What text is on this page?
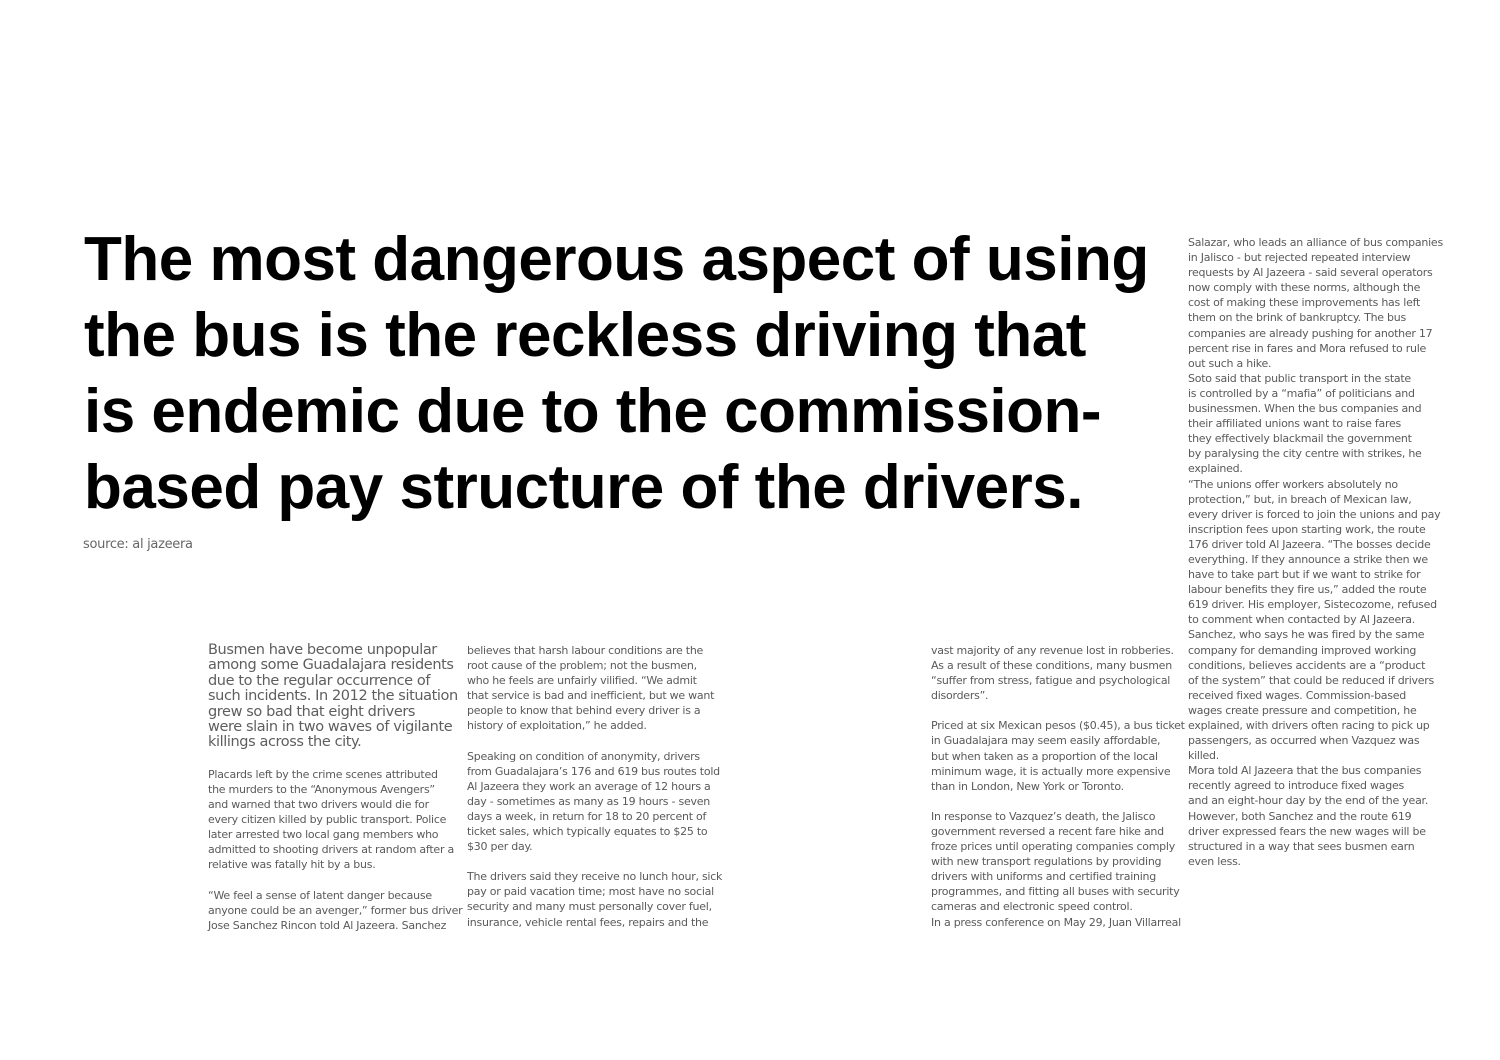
The most dangerous aspect of using
the bus is the reckless driving that
is endemic due to the commission-
based pay structure of the drivers.
source: al jazeera

Busmen have become unpopular
among some Guadalajara residents
due to the regular occurrence of
such incidents. In 2012 the situation
grew so bad that eight drivers
were slain in two waves of vigilante
killings across the city.

Placards left by the crime scenes attributed
the murders to the “Anonymous Avengers”
and warned that two drivers would die for
every citizen killed by public transport. Police
later arrested two local gang members who
admitted to shooting drivers at random after a
relative was fatally hit by a bus.

“We feel a sense of latent danger because
anyone could be an avenger,” former bus driver
Jose Sanchez Rincon told Al Jazeera. Sanchez

believes that harsh labour conditions are the
root cause of the problem; not the busmen,
who he feels are unfairly vilified. “We admit
that service is bad and inefficient, but we want
people to know that behind every driver is a
history of exploitation,” he added.

Speaking on condition of anonymity, drivers
from Guadalajara’s 176 and 619 bus routes told
Al Jazeera they work an average of 12 hours a
day - sometimes as many as 19 hours - seven
days a week, in return for 18 to 20 percent of
ticket sales, which typically equates to $25 to
$30 per day.

The drivers said they receive no lunch hour, sick
pay or paid vacation time; most have no social
security and many must personally cover fuel,
insurance, vehicle rental fees, repairs and the

vast majority of any revenue lost in robberies.
As a result of these conditions, many busmen
“suffer from stress, fatigue and psychological
disorders”.

Priced at six Mexican pesos ($0.45), a bus ticket
in Guadalajara may seem easily affordable,
but when taken as a proportion of the local
minimum wage, it is actually more expensive
than in London, New York or Toronto.

In response to Vazquez’s death, the Jalisco
government reversed a recent fare hike and
froze prices until operating companies comply
with new transport regulations by providing
drivers with uniforms and certified training
programmes, and fitting all buses with security
cameras and electronic speed control.
In a press conference on May 29, Juan Villarreal

Salazar, who leads an alliance of bus companies
in Jalisco - but rejected repeated interview
requests by Al Jazeera - said several operators
now comply with these norms, although the
cost of making these improvements has left
them on the brink of bankruptcy. The bus
companies are already pushing for another 17
percent rise in fares and Mora refused to rule
out such a hike.
Soto said that public transport in the state
is controlled by a “mafia” of politicians and
businessmen. When the bus companies and
their affiliated unions want to raise fares
they effectively blackmail the government
by paralysing the city centre with strikes, he
explained.
“The unions offer workers absolutely no
protection,” but, in breach of Mexican law,
every driver is forced to join the unions and pay
inscription fees upon starting work, the route
176 driver told Al Jazeera. “The bosses decide
everything. If they announce a strike then we
have to take part but if we want to strike for
labour benefits they fire us,” added the route
619 driver. His employer, Sistecozome, refused
to comment when contacted by Al Jazeera.
Sanchez, who says he was fired by the same
company for demanding improved working
conditions, believes accidents are a “product
of the system” that could be reduced if drivers
received fixed wages. Commission-based
wages create pressure and competition, he
explained, with drivers often racing to pick up
passengers, as occurred when Vazquez was
killed.
Mora told Al Jazeera that the bus companies
recently agreed to introduce fixed wages
and an eight-hour day by the end of the year.
However, both Sanchez and the route 619
driver expressed fears the new wages will be
structured in a way that sees busmen earn
even less.
